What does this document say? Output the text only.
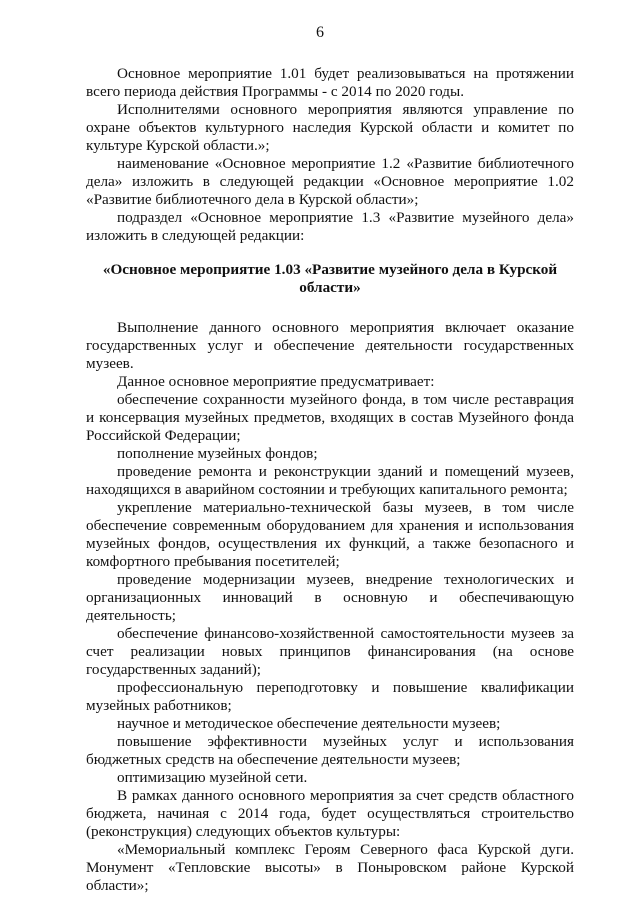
6

Основное мероприятие 1.01 будет реализовываться на протяжении всего периода действия Программы - с 2014 по 2020 годы.

Исполнителями основного мероприятия являются управление по охране объектов культурного наследия Курской области и комитет по культуре Курской области.»;

наименование «Основное мероприятие 1.2 «Развитие библиотечного дела» изложить в следующей редакции «Основное мероприятие 1.02 «Развитие библиотечного дела в Курской области»;

подраздел «Основное мероприятие 1.3 «Развитие музейного дела» изложить в следующей редакции:

«Основное мероприятие 1.03 «Развитие музейного дела в Курской области»

Выполнение данного основного мероприятия включает оказание государственных услуг и обеспечение деятельности государственных музеев.

Данное основное мероприятие предусматривает:

обеспечение сохранности музейного фонда, в том числе реставрация и консервация музейных предметов, входящих в состав Музейного фонда Российской Федерации;

пополнение музейных фондов;

проведение ремонта и реконструкции зданий и помещений музеев, находящихся в аварийном состоянии и требующих капитального ремонта;

укрепление материально-технической базы музеев, в том числе обеспечение современным оборудованием для хранения и использования музейных фондов, осуществления их функций, а также безопасного и комфортного пребывания посетителей;

проведение модернизации музеев, внедрение технологических и организационных инноваций в основную и обеспечивающую деятельность;

обеспечение финансово-хозяйственной самостоятельности музеев за счет реализации новых принципов финансирования (на основе государственных заданий);

профессиональную переподготовку и повышение квалификации музейных работников;

научное и методическое обеспечение деятельности музеев;

повышение эффективности музейных услуг и использования бюджетных средств на обеспечение деятельности музеев;

оптимизацию музейной сети.

В рамках данного основного мероприятия за счет средств областного бюджета, начиная с 2014 года, будет осуществляться строительство (реконструкция) следующих объектов культуры:

«Мемориальный комплекс Героям Северного фаса Курской дуги. Монумент «Тепловские высоты» в Поныровском районе Курской области»;
